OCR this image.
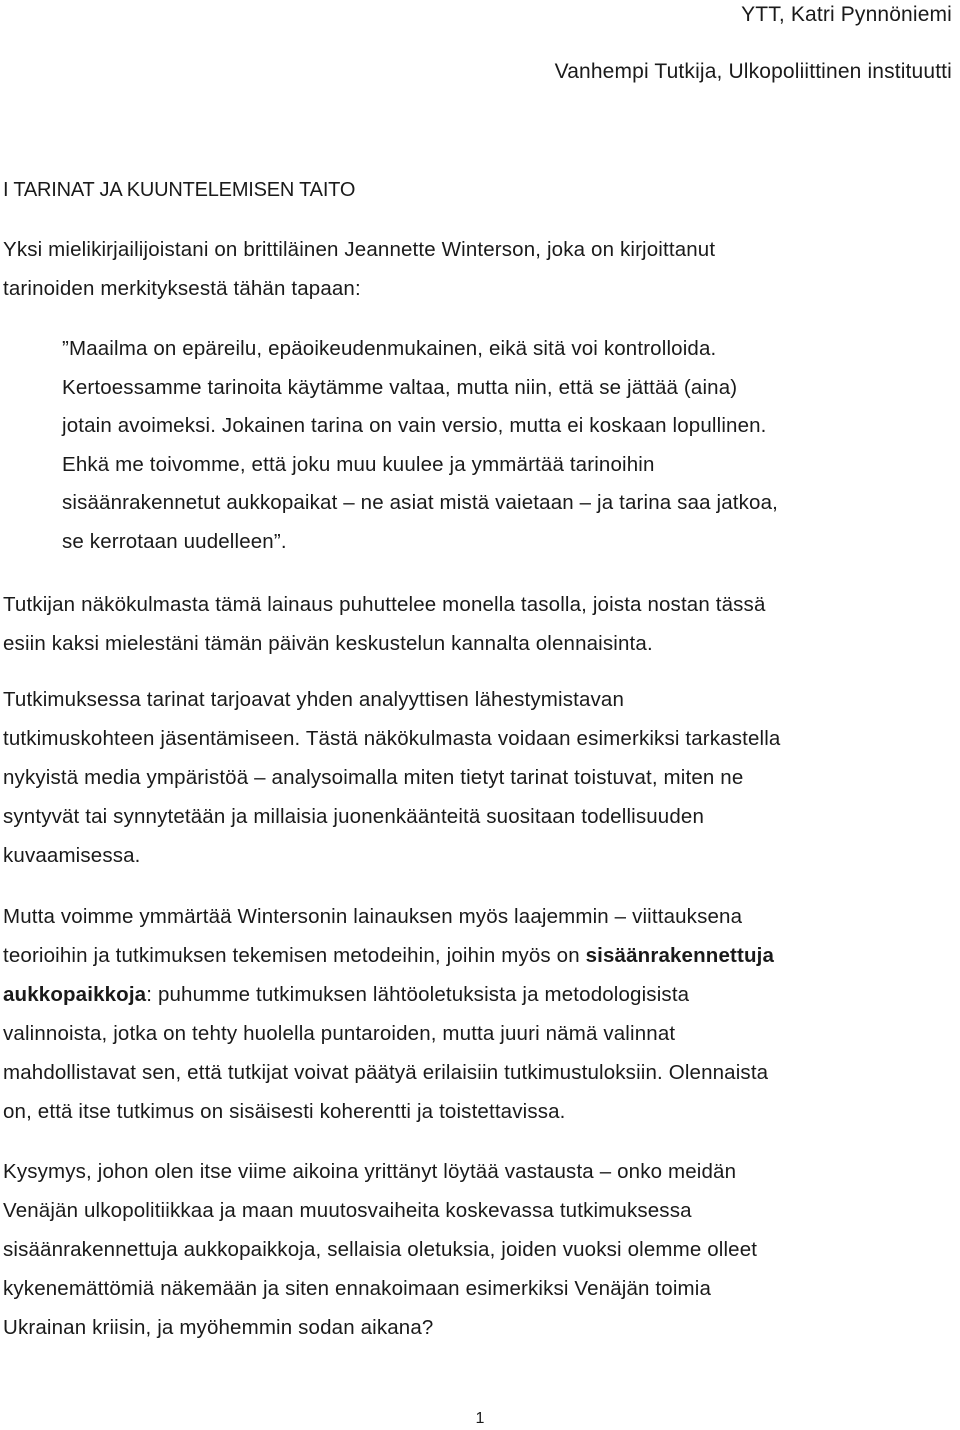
YTT, Katri Pynnöniemi

Vanhempi Tutkija, Ulkopoliittinen instituutti

I TARINAT JA KUUNTELEMISEN TAITO

Yksi mielikirjailijoistani on brittiläinen Jeannette Winterson, joka on kirjoittanut
tarinoiden merkityksestä tähän tapaan:

”Maailma on epäreilu, epäoikeudenmukainen, eikä sitä voi kontrolloida.
Kertoessamme tarinoita käytämme valtaa, mutta niin, että se jättää (aina)
jotain avoimeksi. Jokainen tarina on vain versio, mutta ei koskaan lopullinen.
Ehkä me toivomme, että joku muu kuulee ja ymmärtää tarinoihin
sisäänrakennetut aukkopaikat – ne asiat mistä vaietaan – ja tarina saa jatkoa,
se kerrotaan uudelleen”.

Tutkijan näkökulmasta tämä lainaus puhuttelee monella tasolla, joista nostan tässä
esiin kaksi mielestäni tämän päivän keskustelun kannalta olennaisinta.

Tutkimuksessa tarinat tarjoavat yhden analyyttisen lähestymistavan
tutkimuskohteen jäsentämiseen. Tästä näkökulmasta voidaan esimerkiksi tarkastella
nykyistä media ympäristöä – analysoimalla miten tietyt tarinat toistuvat, miten ne
syntyvät tai synnytetään ja millaisia juonenkäänteitä suositaan todellisuuden
kuvaamisessa.

Mutta voimme ymmärtää Wintersonin lainauksen myös laajemmin – viittauksena
teorioihin ja tutkimuksen tekemisen metodeihin, joihin myös on sisäänrakennettuja
aukkopaikkoja: puhumme tutkimuksen lähtöoletuksista ja metodologisista
valinnoista, jotka on tehty huolella puntaroiden, mutta juuri nämä valinnat
mahdollistavat sen, että tutkijat voivat päätyä erilaisiin tutkimustuloksiin. Olennaista
on, että itse tutkimus on sisäisesti koherentti ja toistettavissa.

Kysymys, johon olen itse viime aikoina yrittänyt löytää vastausta – onko meidän
Venäjän ulkopolitiikkaa ja maan muutosvaiheita koskevassa tutkimuksessa
sisäänrakennettuja aukkopaikkoja, sellaisia oletuksia, joiden vuoksi olemme olleet
kykenemättömiä näkemään ja siten ennakoimaan esimerkiksi Venäjän toimia
Ukrainan kriisin, ja myöhemmin sodan aikana?

1
